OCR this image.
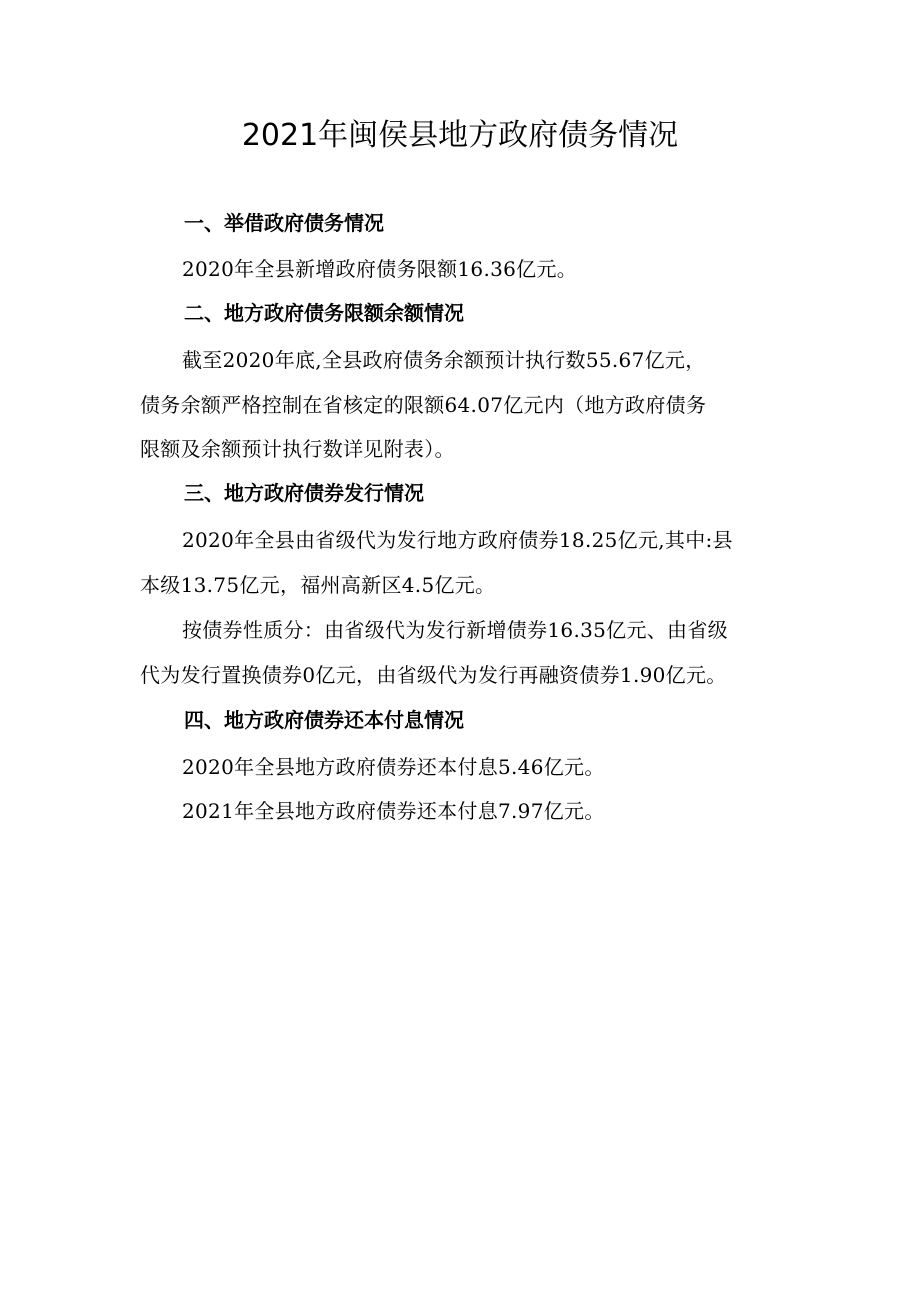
2021年闽侯县地方政府债务情况
一、举借政府债务情况
2020年全县新增政府债务限额16.36亿元。
二、地方政府债务限额余额情况
截至2020年底,全县政府债务余额预计执行数55.67亿元，
债务余额严格控制在省核定的限额64.07亿元内（地方政府债务
限额及余额预计执行数详见附表）。
三、地方政府债券发行情况
2020年全县由省级代为发行地方政府债券18.25亿元,其中:县
本级13.75亿元，福州高新区4.5亿元。
按债券性质分：由省级代为发行新增债券16.35亿元、由省级
代为发行置换债券0亿元，由省级代为发行再融资债券1.90亿元。
四、地方政府债券还本付息情况
2020年全县地方政府债券还本付息5.46亿元。
2021年全县地方政府债券还本付息7.97亿元。
